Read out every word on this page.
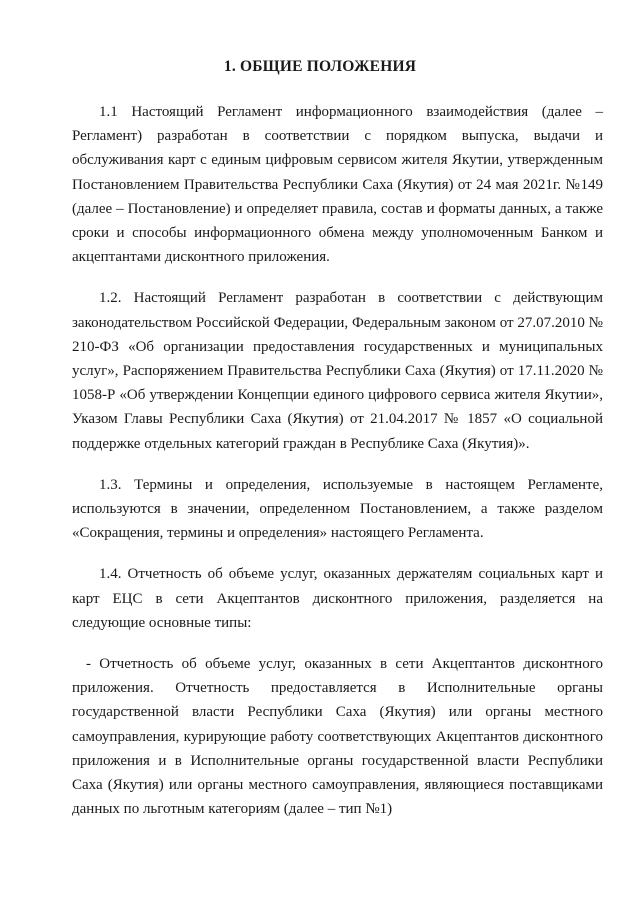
1. ОБЩИЕ ПОЛОЖЕНИЯ

1.1 Настоящий Регламент информационного взаимодействия (далее – Регламент) разработан в соответствии с порядком выпуска, выдачи и обслуживания карт с единым цифровым сервисом жителя Якутии, утвержденным Постановлением Правительства Республики Саха (Якутия) от 24 мая 2021г. №149 (далее – Постановление) и определяет правила, состав и форматы данных, а также сроки и способы информационного обмена между уполномоченным Банком и акцептантами дисконтного приложения.

1.2. Настоящий Регламент разработан в соответствии с действующим законодательством Российской Федерации, Федеральным законом от 27.07.2010 № 210-ФЗ «Об организации предоставления государственных и муниципальных услуг», Распоряжением Правительства Республики Саха (Якутия) от 17.11.2020 № 1058-Р «Об утверждении Концепции единого цифрового сервиса жителя Якутии», Указом Главы Республики Саха (Якутия) от 21.04.2017 № 1857 «О социальной поддержке отдельных категорий граждан в Республике Саха (Якутия)».

1.3. Термины и определения, используемые в настоящем Регламенте, используются в значении, определенном Постановлением, а также разделом «Сокращения, термины и определения» настоящего Регламента.

1.4. Отчетность об объеме услуг, оказанных держателям социальных карт и карт ЕЦС в сети Акцептантов дисконтного приложения, разделяется на следующие основные типы:

- Отчетность об объеме услуг, оказанных в сети Акцептантов дисконтного приложения. Отчетность предоставляется в Исполнительные органы государственной власти Республики Саха (Якутия) или органы местного самоуправления, курирующие работу соответствующих Акцептантов дисконтного приложения и в Исполнительные органы государственной власти Республики Саха (Якутия) или органы местного самоуправления, являющиеся поставщиками данных по льготным категориям (далее – тип №1)
